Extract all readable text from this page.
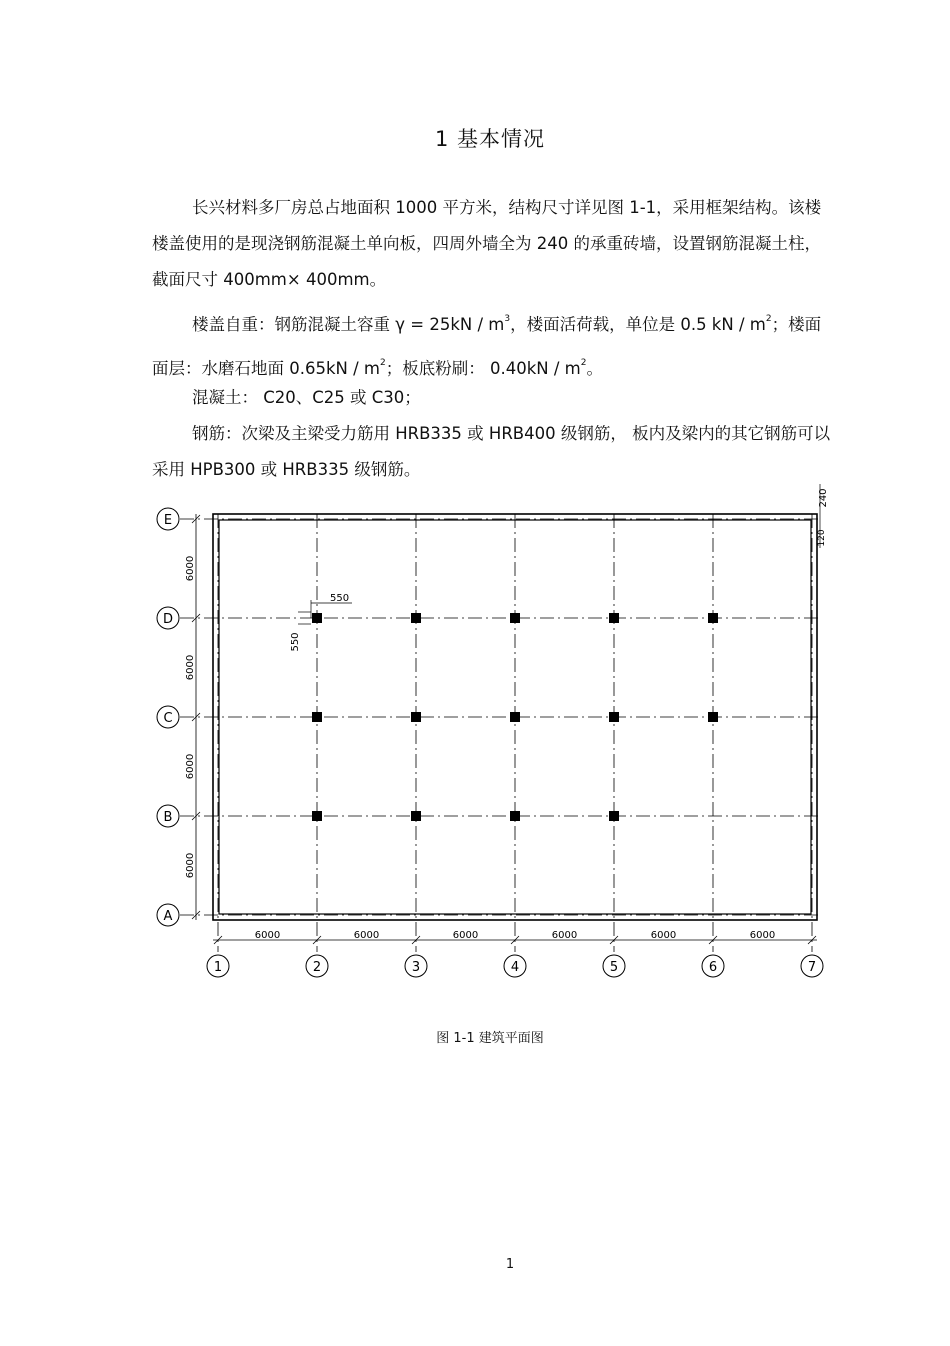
1 基本情况
长兴材料多厂房总占地面积 1000 平方米，结构尺寸详见图 1-1，采用框架结构。该楼楼盖使用的是现浇钢筋混凝土单向板，四周外墙全为 240 的承重砖墙，设置钢筋混凝土柱，截面尺寸 400mm× 400mm。
楼盖自重：钢筋混凝土容重 $\gamma = 25kN / m^3$，楼面活荷载，单位是 0.5 kN / $m^2$；楼面面层：水磨石地面 $0.65kN / m^2$；板底粉刷： $0.40kN / m^2$。
混凝土： C20、C25 或 C30；
钢筋：次梁及主梁受力筋用 HRB335 或 HRB400 级钢筋， 板内及梁内的其它钢筋可以采用 HPB300 或 HRB335 级钢筋。
E
D
C
B
A
1	2	3	4	5	6	7
6000
6000
6000
6000
6000	6000	6000	6000	6000	6000
550
550
240
120
图 1-1 建筑平面图
1
